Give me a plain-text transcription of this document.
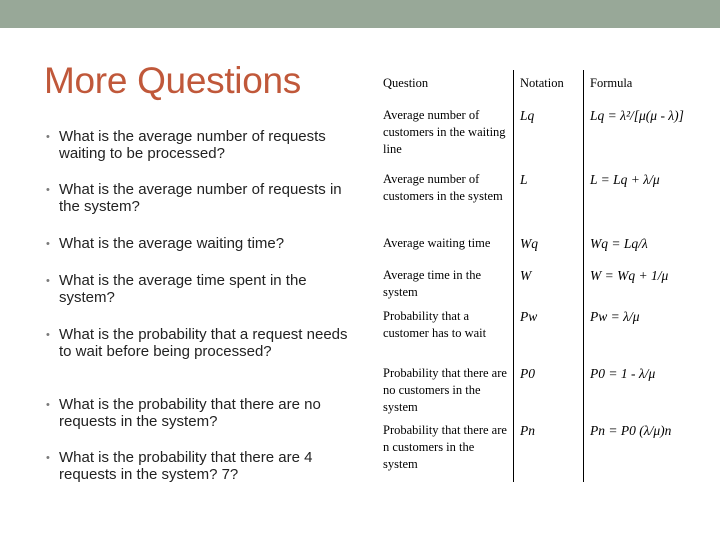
More Questions
• What is the average number of requests waiting to be processed?
• What is the average number of requests in the system?
• What is the average waiting time?
• What is the average time spent in the system?
• What is the probability that a request needs to wait before being processed?
• What is the probability that there are no requests in the system?
• What is the probability that there are 4 requests in the system? 7?
Question	Notation	Formula
Average number of customers in the waiting line	Lq	Lq = λ²/[μ(μ - λ)]
Average number of customers in the system	L	L = Lq + λ/μ
Average waiting time	Wq	Wq = Lq/λ
Average time in the system	W	W = Wq + 1/μ
Probability that a customer has to wait	Pw	Pw = λ/μ
Probability that there are no customers in the system	P0	P0 = 1 - λ/μ
Probability that there are n customers in the system	Pn	Pn = P0 (λ/μ)n
